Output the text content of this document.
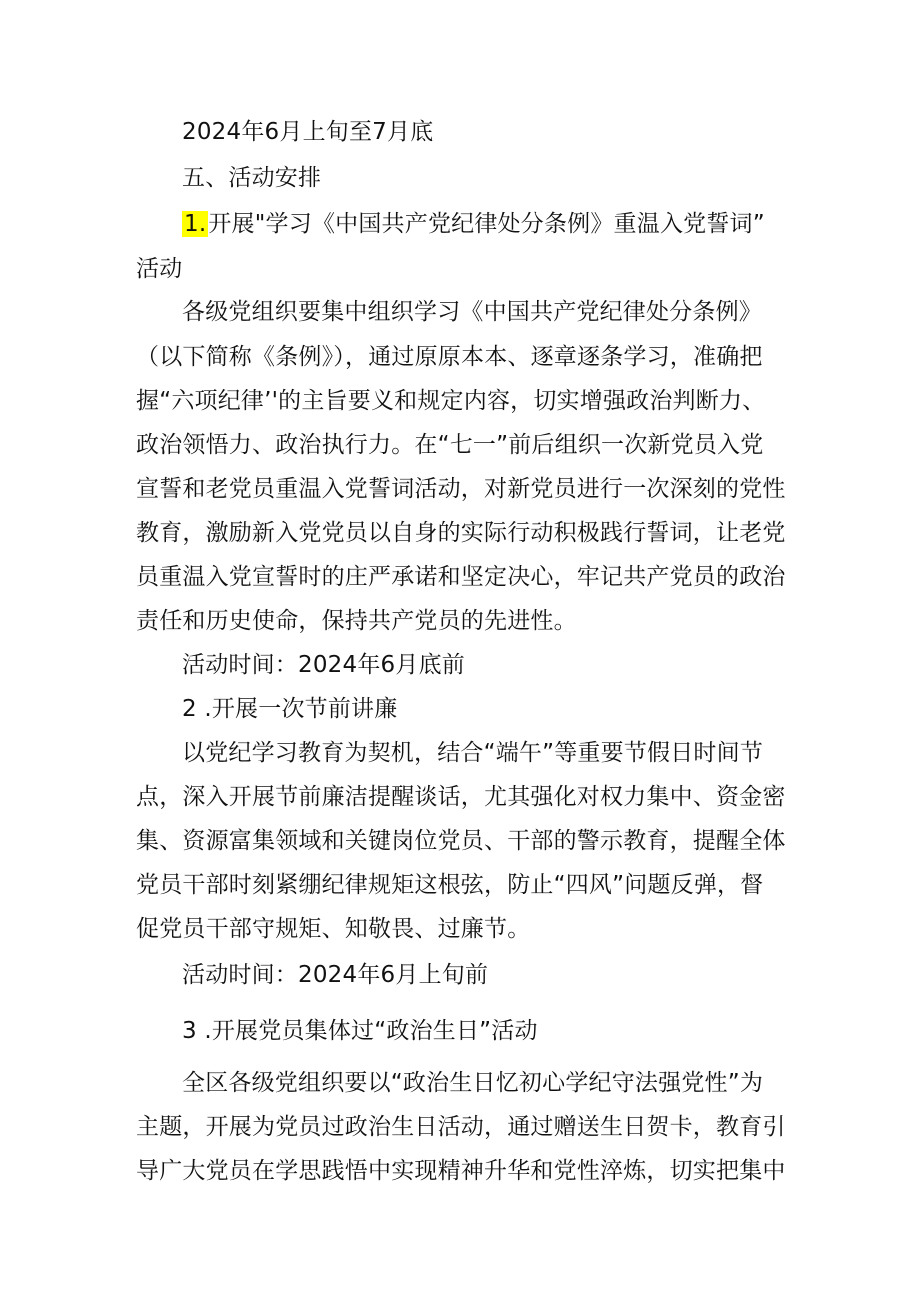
2024年6月上旬至7月底
五、活动安排
1.开展"学习《中国共产党纪律处分条例》重温入党誓词”
活动
各级党组织要集中组织学习《中国共产党纪律处分条例》
（以下简称《条例》），通过原原本本、逐章逐条学习，准确把
握“六项纪律’'的主旨要义和规定内容，切实增强政治判断力、
政治领悟力、政治执行力。在“七一”前后组织一次新党员入党
宣誓和老党员重温入党誓词活动，对新党员进行一次深刻的党性
教育，激励新入党党员以自身的实际行动积极践行誓词，让老党
员重温入党宣誓时的庄严承诺和坚定决心，牢记共产党员的政治
责任和历史使命，保持共产党员的先进性。
活动时间：2024年6月底前
2 .开展一次节前讲廉
以党纪学习教育为契机，结合“端午”等重要节假日时间节
点，深入开展节前廉洁提醒谈话，尤其强化对权力集中、资金密
集、资源富集领域和关键岗位党员、干部的警示教育，提醒全体
党员干部时刻紧绷纪律规矩这根弦，防止“四风”问题反弹，督
促党员干部守规矩、知敬畏、过廉节。
活动时间：2024年6月上旬前
3 .开展党员集体过“政治生日”活动
全区各级党组织要以“政治生日忆初心学纪守法强党性”为
主题，开展为党员过政治生日活动，通过赠送生日贺卡，教育引
导广大党员在学思践悟中实现精神升华和党性淬炼，切实把集中
